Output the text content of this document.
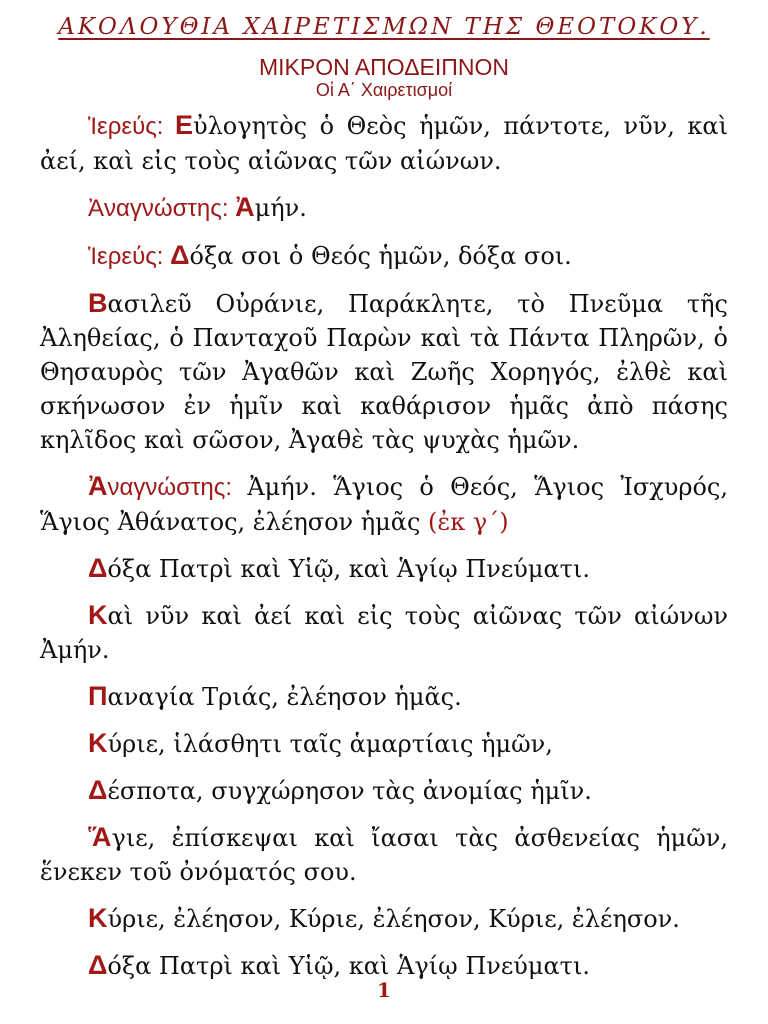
ΑΚΟΛΟΥΘΙΑ ΧΑΙΡΕΤΙΣΜΩΝ ΤΗΣ ΘΕΟΤΟΚΟΥ.
ΜΙΚΡΟΝ ΑΠΟΔΕΙΠΝΟΝ
Οἱ Α΄ Χαιρετισμοί

Ἱερεύς: Εὐλογητὸς ὁ Θεὸς ἡμῶν, πάντοτε, νῦν, καὶ ἀεί, καὶ εἰς τοὺς αἰῶνας τῶν αἰώνων.

Ἀναγνώστης: Ἀμήν.

Ἱερεύς: Δόξα σοι ὁ Θεός ἡμῶν, δόξα σοι.

Βασιλεῦ Οὐράνιε, Παράκλητε, τὸ Πνεῦμα τῆς Ἀληθείας, ὁ Πανταχοῦ Παρὼν καὶ τὰ Πάντα Πληρῶν, ὁ Θησαυρὸς τῶν Ἀγαθῶν καὶ Ζωῆς Χορηγός, ἐλθὲ καὶ σκήνωσον ἐν ἡμῖν καὶ καθάρισον ἡμᾶς ἀπὸ πάσης κηλῖδος καὶ σῶσον, Ἀγαθὲ τὰς ψυχὰς ἡμῶν.

Ἀναγνώστης: Ἀμήν. Ἅγιος ὁ Θεός, Ἅγιος Ἰσχυρός, Ἅγιος Ἀθάνατος, ἐλέησον ἡμᾶς (ἐκ γ΄)

Δόξα Πατρὶ καὶ Υἱῷ, καὶ Ἁγίῳ Πνεύματι.

Καὶ νῦν καὶ ἀεί καὶ εἰς τοὺς αἰῶνας τῶν αἰώνων Ἀμήν.

Παναγία Τριάς, ἐλέησον ἡμᾶς.

Κύριε, ἱλάσθητι ταῖς ἁμαρτίαις ἡμῶν,

Δέσποτα, συγχώρησον τὰς ἀνομίας ἡμῖν.

Ἅγιε, ἐπίσκεψαι καὶ ἴασαι τὰς ἀσθενείας ἡμῶν, ἕνεκεν τοῦ ὀνόματός σου.

Κύριε, ἐλέησον, Κύριε, ἐλέησον, Κύριε, ἐλέησον.

Δόξα Πατρὶ καὶ Υἱῷ, καὶ Ἁγίῳ Πνεύματι.

1
